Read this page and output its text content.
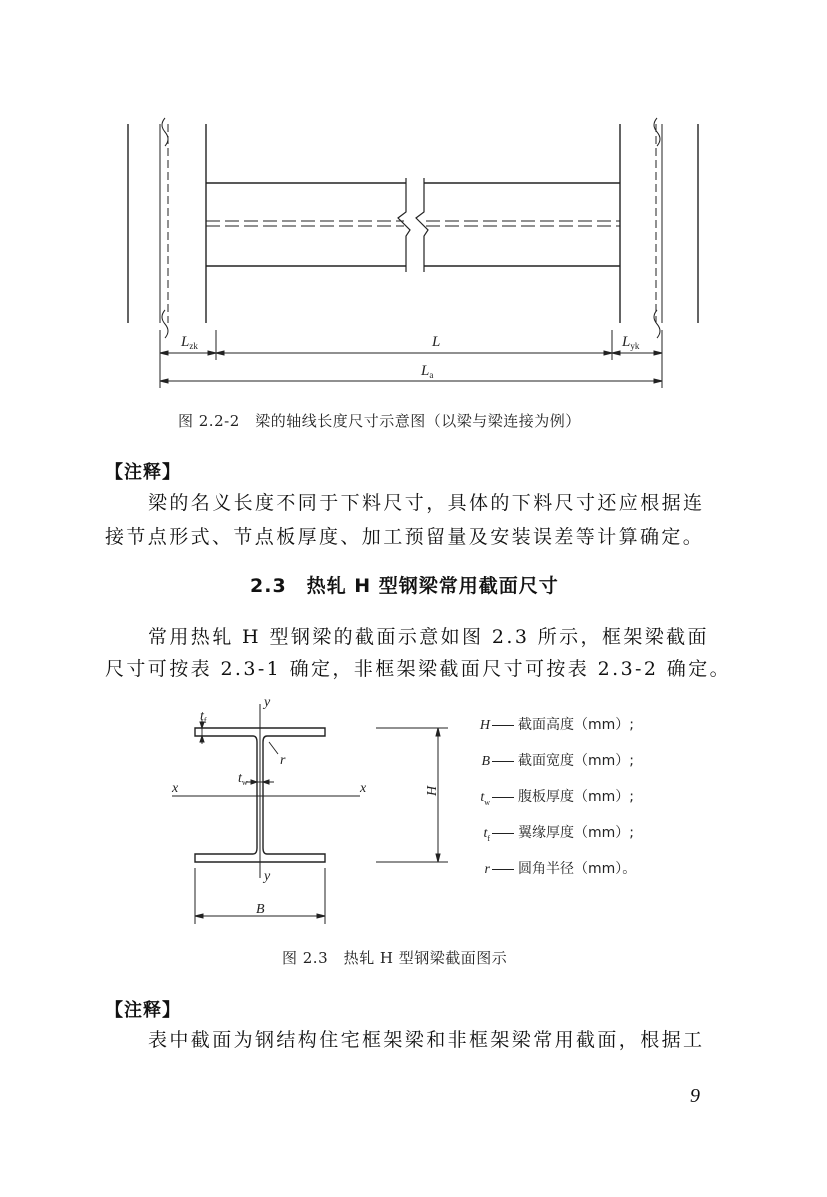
$L_{zk}$	L	$L_{yk}$
$L_a$
图 2.2-2　梁的轴线长度尺寸示意图（以梁与梁连接为例）
【注释】
梁的名义长度不同于下料尺寸，具体的下料尺寸还应根据连
接节点形式、节点板厚度、加工预留量及安装误差等计算确定。
2.3　热轧 H 型钢梁常用截面尺寸
常用热轧 H 型钢梁的截面示意如图 2.3 所示，框架梁截面
尺寸可按表 2.3-1 确定，非框架梁截面尺寸可按表 2.3-2 确定。
y
y
x	x
r
$t_w$
$t_f$
B
H
H 截面高度（mm）;
B 截面宽度（mm）;
$t_w$ 腹板厚度（mm）;
$t_f$ 翼缘厚度（mm）;
r 圆角半径（mm）。
图 2.3　热轧 H 型钢梁截面图示
【注释】
表中截面为钢结构住宅框架梁和非框架梁常用截面，根据工
9
